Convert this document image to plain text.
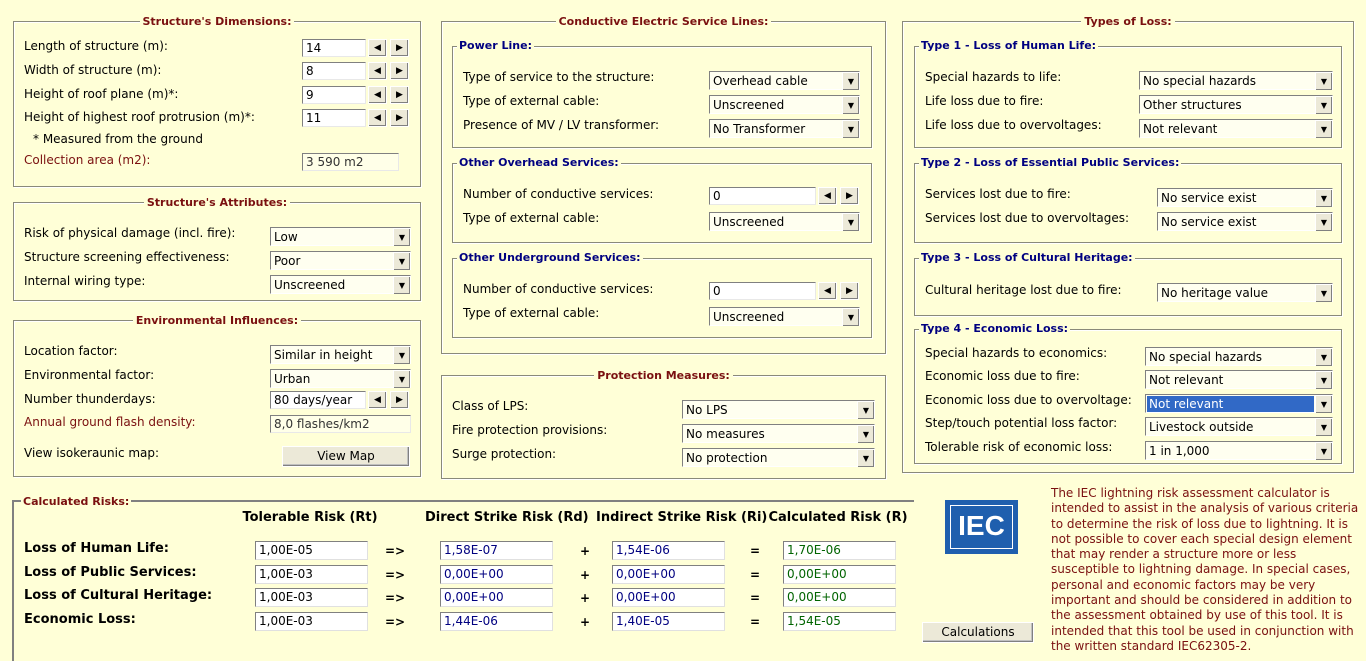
Structure's Dimensions:
Length of structure (m):	14	◀	▶
Width of structure (m):	8	◀	▶
Height of roof plane (m)*:	9	◀	▶
Height of highest roof protrusion (m)*:	11	◀	▶
* Measured from the ground
Collection area (m2):	3 590 m2
Structure's Attributes:
Risk of physical damage (incl. fire):	Low	▼
Structure screening effectiveness:	Poor	▼
Internal wiring type:	Unscreened	▼
Environmental Influences:
Location factor:	Similar in height	▼
Environmental factor:	Urban	▼
Number thunderdays:	80 days/year	◀	▶
Annual ground flash density:	8,0 flashes/km2
View isokeraunic map:	View Map
Conductive Electric Service Lines:
Power Line:
Type of service to the structure:	Overhead cable	▼
Type of external cable:	Unscreened	▼
Presence of MV / LV transformer:	No Transformer	▼
Other Overhead Services:
Number of conductive services:	0	◀	▶
Type of external cable:	Unscreened	▼
Other Underground Services:
Number of conductive services:	0	◀	▶
Type of external cable:	Unscreened	▼
Protection Measures:
Class of LPS:	No LPS	▼
Fire protection provisions:	No measures	▼
Surge protection:	No protection	▼
Types of Loss:
Type 1 - Loss of Human Life:
Special hazards to life:	No special hazards	▼
Life loss due to fire:	Other structures	▼
Life loss due to overvoltages:	Not relevant	▼
Type 2 - Loss of Essential Public Services:
Services lost due to fire:	No service exist	▼
Services lost due to overvoltages:	No service exist	▼
Type 3 - Loss of Cultural Heritage:
Cultural heritage lost due to fire:	No heritage value	▼
Type 4 - Economic Loss:
Special hazards to economics:	No special hazards	▼
Economic loss due to fire:	Not relevant	▼
Economic loss due to overvoltage: Not relevant	▼
Step/touch potential loss factor:	Livestock outside	▼
Tolerable risk of economic loss:	1 in 1,000	▼
Calculated Risks:
Tolerable Risk (Rt)	Direct Strike Risk (Rd) Indirect Strike Risk (Ri) Calculated Risk (R)
Loss of Human Life:	1,00E-05	=>	1,58E-07	+	1,54E-06	=	1,70E-06
Loss of Public Services:	1,00E-03	=>	0,00E+00	+	0,00E+00	=	0,00E+00
Loss of Cultural Heritage:	1,00E-03	=>	0,00E+00	+	0,00E+00	=	0,00E+00
Economic Loss:	1,00E-03	=>	1,44E-06	+	1,40E-05	=	1,54E-05
IEC
Calculations
The IEC lightning risk assessment calculator is intended to assist in the analysis of various criteria to determine the risk of loss due to lightning. It is not possible to cover each special design element that may render a structure more or less susceptible to lightning damage. In special cases, personal and economic factors may be very important and should be considered in addition to the assessment obtained by use of this tool. It is intended that this tool be used in conjunction with the written standard IEC62305-2.
